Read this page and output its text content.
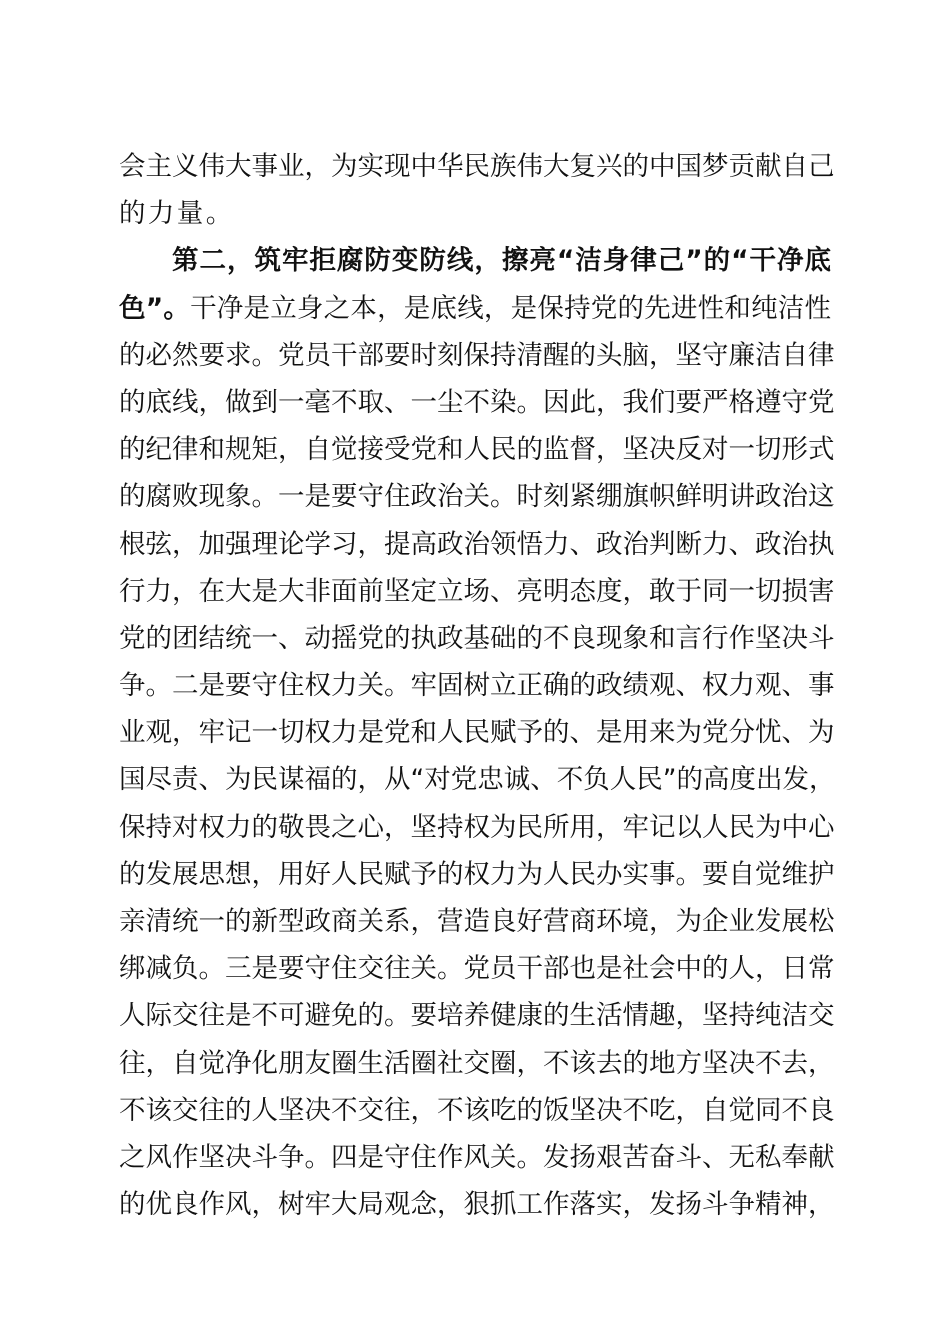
会主义伟大事业，为实现中华民族伟大复兴的中国梦贡献自己
的力量。
第二，筑牢拒腐防变防线，擦亮“洁身律己”的“干净底
色”。干净是立身之本，是底线，是保持党的先进性和纯洁性
的必然要求。党员干部要时刻保持清醒的头脑，坚守廉洁自律
的底线，做到一毫不取、一尘不染。因此，我们要严格遵守党
的纪律和规矩，自觉接受党和人民的监督，坚决反对一切形式
的腐败现象。一是要守住政治关。时刻紧绷旗帜鲜明讲政治这
根弦，加强理论学习，提高政治领悟力、政治判断力、政治执
行力，在大是大非面前坚定立场、亮明态度，敢于同一切损害
党的团结统一、动摇党的执政基础的不良现象和言行作坚决斗
争。二是要守住权力关。牢固树立正确的政绩观、权力观、事
业观，牢记一切权力是党和人民赋予的、是用来为党分忧、为
国尽责、为民谋福的，从“对党忠诚、不负人民”的高度出发，
保持对权力的敬畏之心，坚持权为民所用，牢记以人民为中心
的发展思想，用好人民赋予的权力为人民办实事。要自觉维护
亲清统一的新型政商关系，营造良好营商环境，为企业发展松
绑减负。三是要守住交往关。党员干部也是社会中的人，日常
人际交往是不可避免的。要培养健康的生活情趣，坚持纯洁交
往，自觉净化朋友圈生活圈社交圈，不该去的地方坚决不去，
不该交往的人坚决不交往，不该吃的饭坚决不吃，自觉同不良
之风作坚决斗争。四是守住作风关。发扬艰苦奋斗、无私奉献
的优良作风，树牢大局观念，狠抓工作落实，发扬斗争精神，
